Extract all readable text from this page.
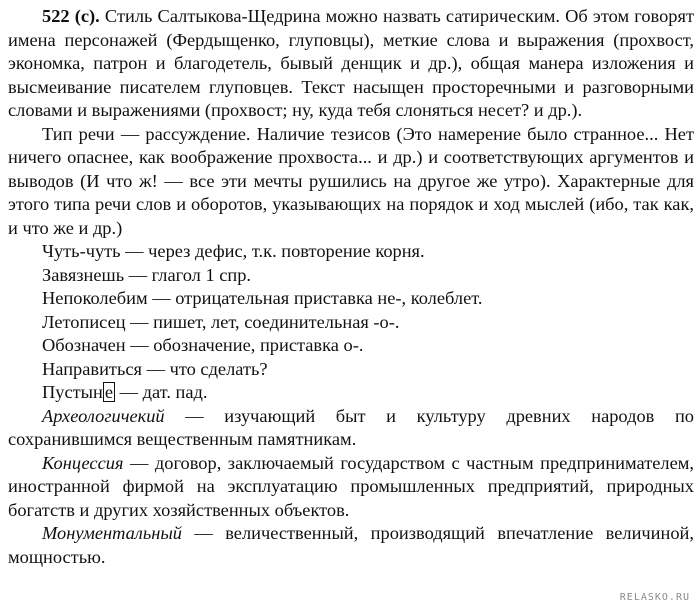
522 (с). Стиль Салтыкова-Щедрина можно назвать сатирическим. Об этом говорят имена персонажей (Фердыщенко, глуповцы), меткие слова и выражения (прохвост, экономка, патрон и благодетель, бывый денщик и др.), общая манера изложения и высмеивание писателем глуповцев. Текст насыщен просторечными и разговорными словами и выражениями (прохвост; ну, куда тебя слоняться несет? и др.).

Тип речи — рассуждение. Наличие тезисов (Это намерение было странное... Нет ничего опаснее, как воображение прохвоста... и др.) и соответствующих аргументов и выводов (И что ж! — все эти мечты рушились на другое же утро). Характерные для этого типа речи слов и оборотов, указывающих на порядок и ход мыслей (ибо, так как, и что же и др.)

Чуть-чуть — через дефис, т.к. повторение корня.

Завязнешь — глагол 1 спр.

Непоколебим — отрицательная приставка не-, колеблет.

Летописец — пишет, лет, соединительная -о-.

Обозначен — обозначение, приставка о-.

Направиться — что сделать?

Пустын е — дат. пад.

Археологичекий — изучающий быт и культуру древних народов по сохранившимся вещественным памятникам.

Концессия — договор, заключаемый государством с частным предпринимателем, иностранной фирмой на эксплуатацию промышленных предприятий, природных богатств и других хозяйственных объектов.

Монументальный — величественный, производящий впечатление величиной, мощностью.

RELASKO.RU
